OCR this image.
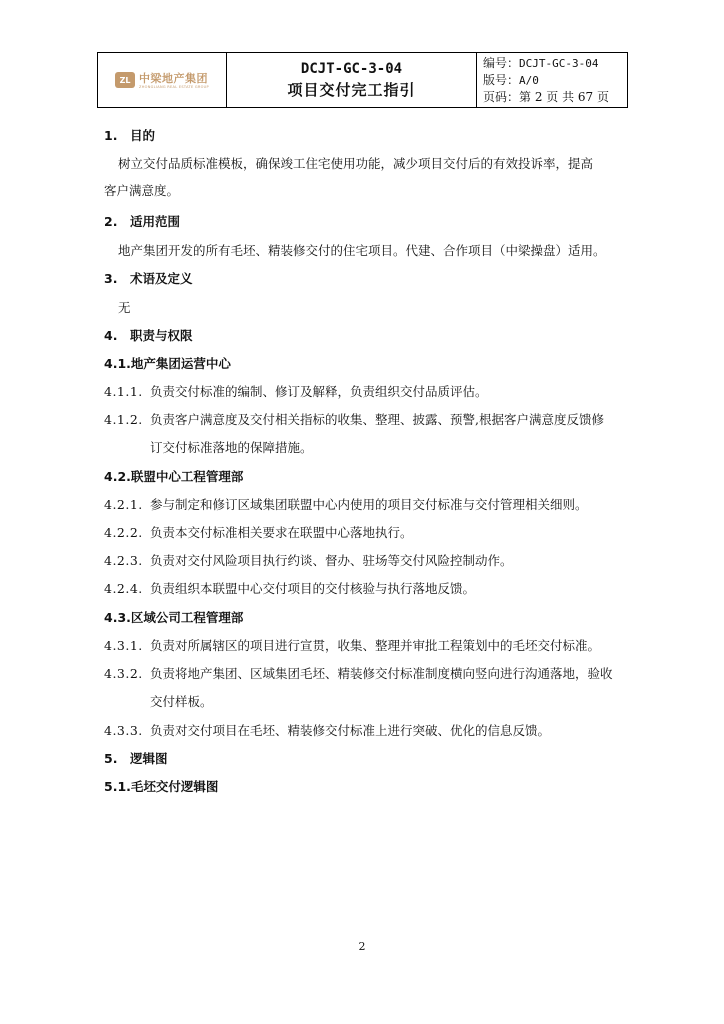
ZL 中梁地产集团
ZHONGLIANG REAL ESTATE GROUP
DCJT-GC-3-04
项目交付完工指引
编号：DCJT-GC-3-04
版号：A/0
页码：第 2 页 共 67 页
1. 目的
树立交付品质标准模板，确保竣工住宅使用功能，减少项目交付后的有效投诉率，提高
客户满意度。
2. 适用范围
地产集团开发的所有毛坯、精装修交付的住宅项目。代建、合作项目（中梁操盘）适用。
3. 术语及定义
无
4. 职责与权限
4.1.地产集团运营中心
4.1.1. 负责交付标准的编制、修订及解释，负责组织交付品质评估。
4.1.2. 负责客户满意度及交付相关指标的收集、整理、披露、预警,根据客户满意度反馈修
订交付标准落地的保障措施。
4.2.联盟中心工程管理部
4.2.1. 参与制定和修订区域集团联盟中心内使用的项目交付标准与交付管理相关细则。
4.2.2. 负责本交付标准相关要求在联盟中心落地执行。
4.2.3. 负责对交付风险项目执行约谈、督办、驻场等交付风险控制动作。
4.2.4. 负责组织本联盟中心交付项目的交付核验与执行落地反馈。
4.3.区域公司工程管理部
4.3.1. 负责对所属辖区的项目进行宣贯，收集、整理并审批工程策划中的毛坯交付标准。
4.3.2. 负责将地产集团、区域集团毛坯、精装修交付标准制度横向竖向进行沟通落地，验收
交付样板。
4.3.3. 负责对交付项目在毛坯、精装修交付标准上进行突破、优化的信息反馈。
5. 逻辑图
5.1.毛坯交付逻辑图
2
